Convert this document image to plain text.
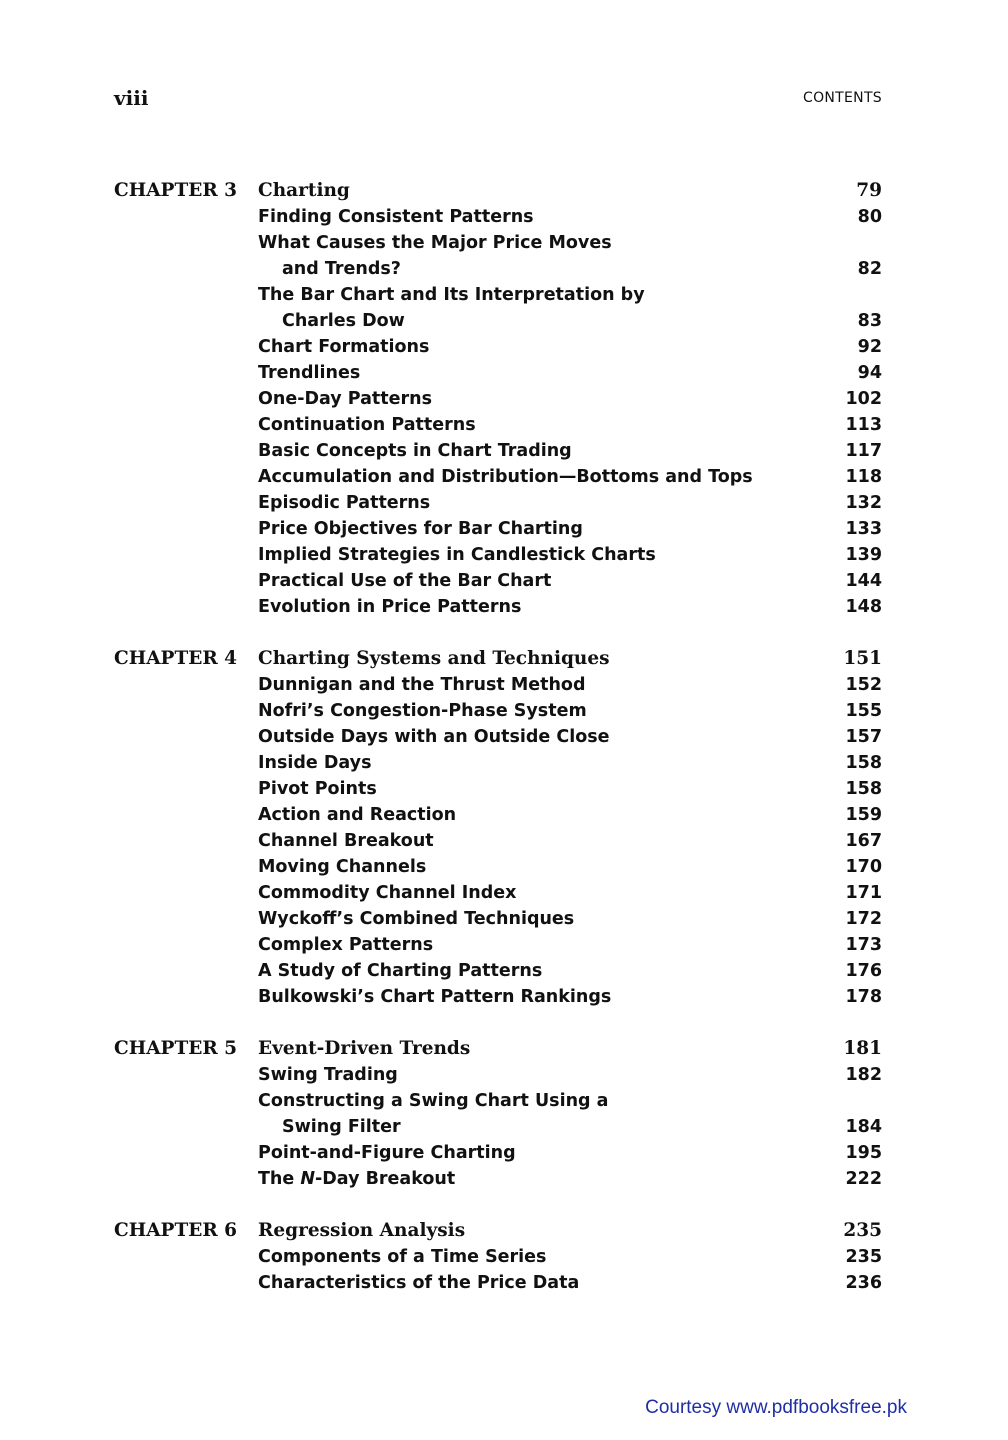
viii	CONTENTS
CHAPTER 3 Charting	79
Finding Consistent Patterns	80
What Causes the Major Price Moves
and Trends?	82
The Bar Chart and Its Interpretation by
Charles Dow	83
Chart Formations	92
Trendlines	94
One-Day Patterns	102
Continuation Patterns	113
Basic Concepts in Chart Trading	117
Accumulation and Distribution—Bottoms and Tops	118
Episodic Patterns	132
Price Objectives for Bar Charting	133
Implied Strategies in Candlestick Charts	139
Practical Use of the Bar Chart	144
Evolution in Price Patterns	148
CHAPTER 4 Charting Systems and Techniques	151
Dunnigan and the Thrust Method	152
Nofri’s Congestion-Phase System	155
Outside Days with an Outside Close	157
Inside Days	158
Pivot Points	158
Action and Reaction	159
Channel Breakout	167
Moving Channels	170
Commodity Channel Index	171
Wyckoff’s Combined Techniques	172
Complex Patterns	173
A Study of Charting Patterns	176
Bulkowski’s Chart Pattern Rankings	178
CHAPTER 5 Event-Driven Trends	181
Swing Trading	182
Constructing a Swing Chart Using a
Swing Filter	184
Point-and-Figure Charting	195
The N-Day Breakout	222
CHAPTER 6 Regression Analysis	235
Components of a Time Series	235
Characteristics of the Price Data	236
Courtesy www.pdfbooksfree.pk
